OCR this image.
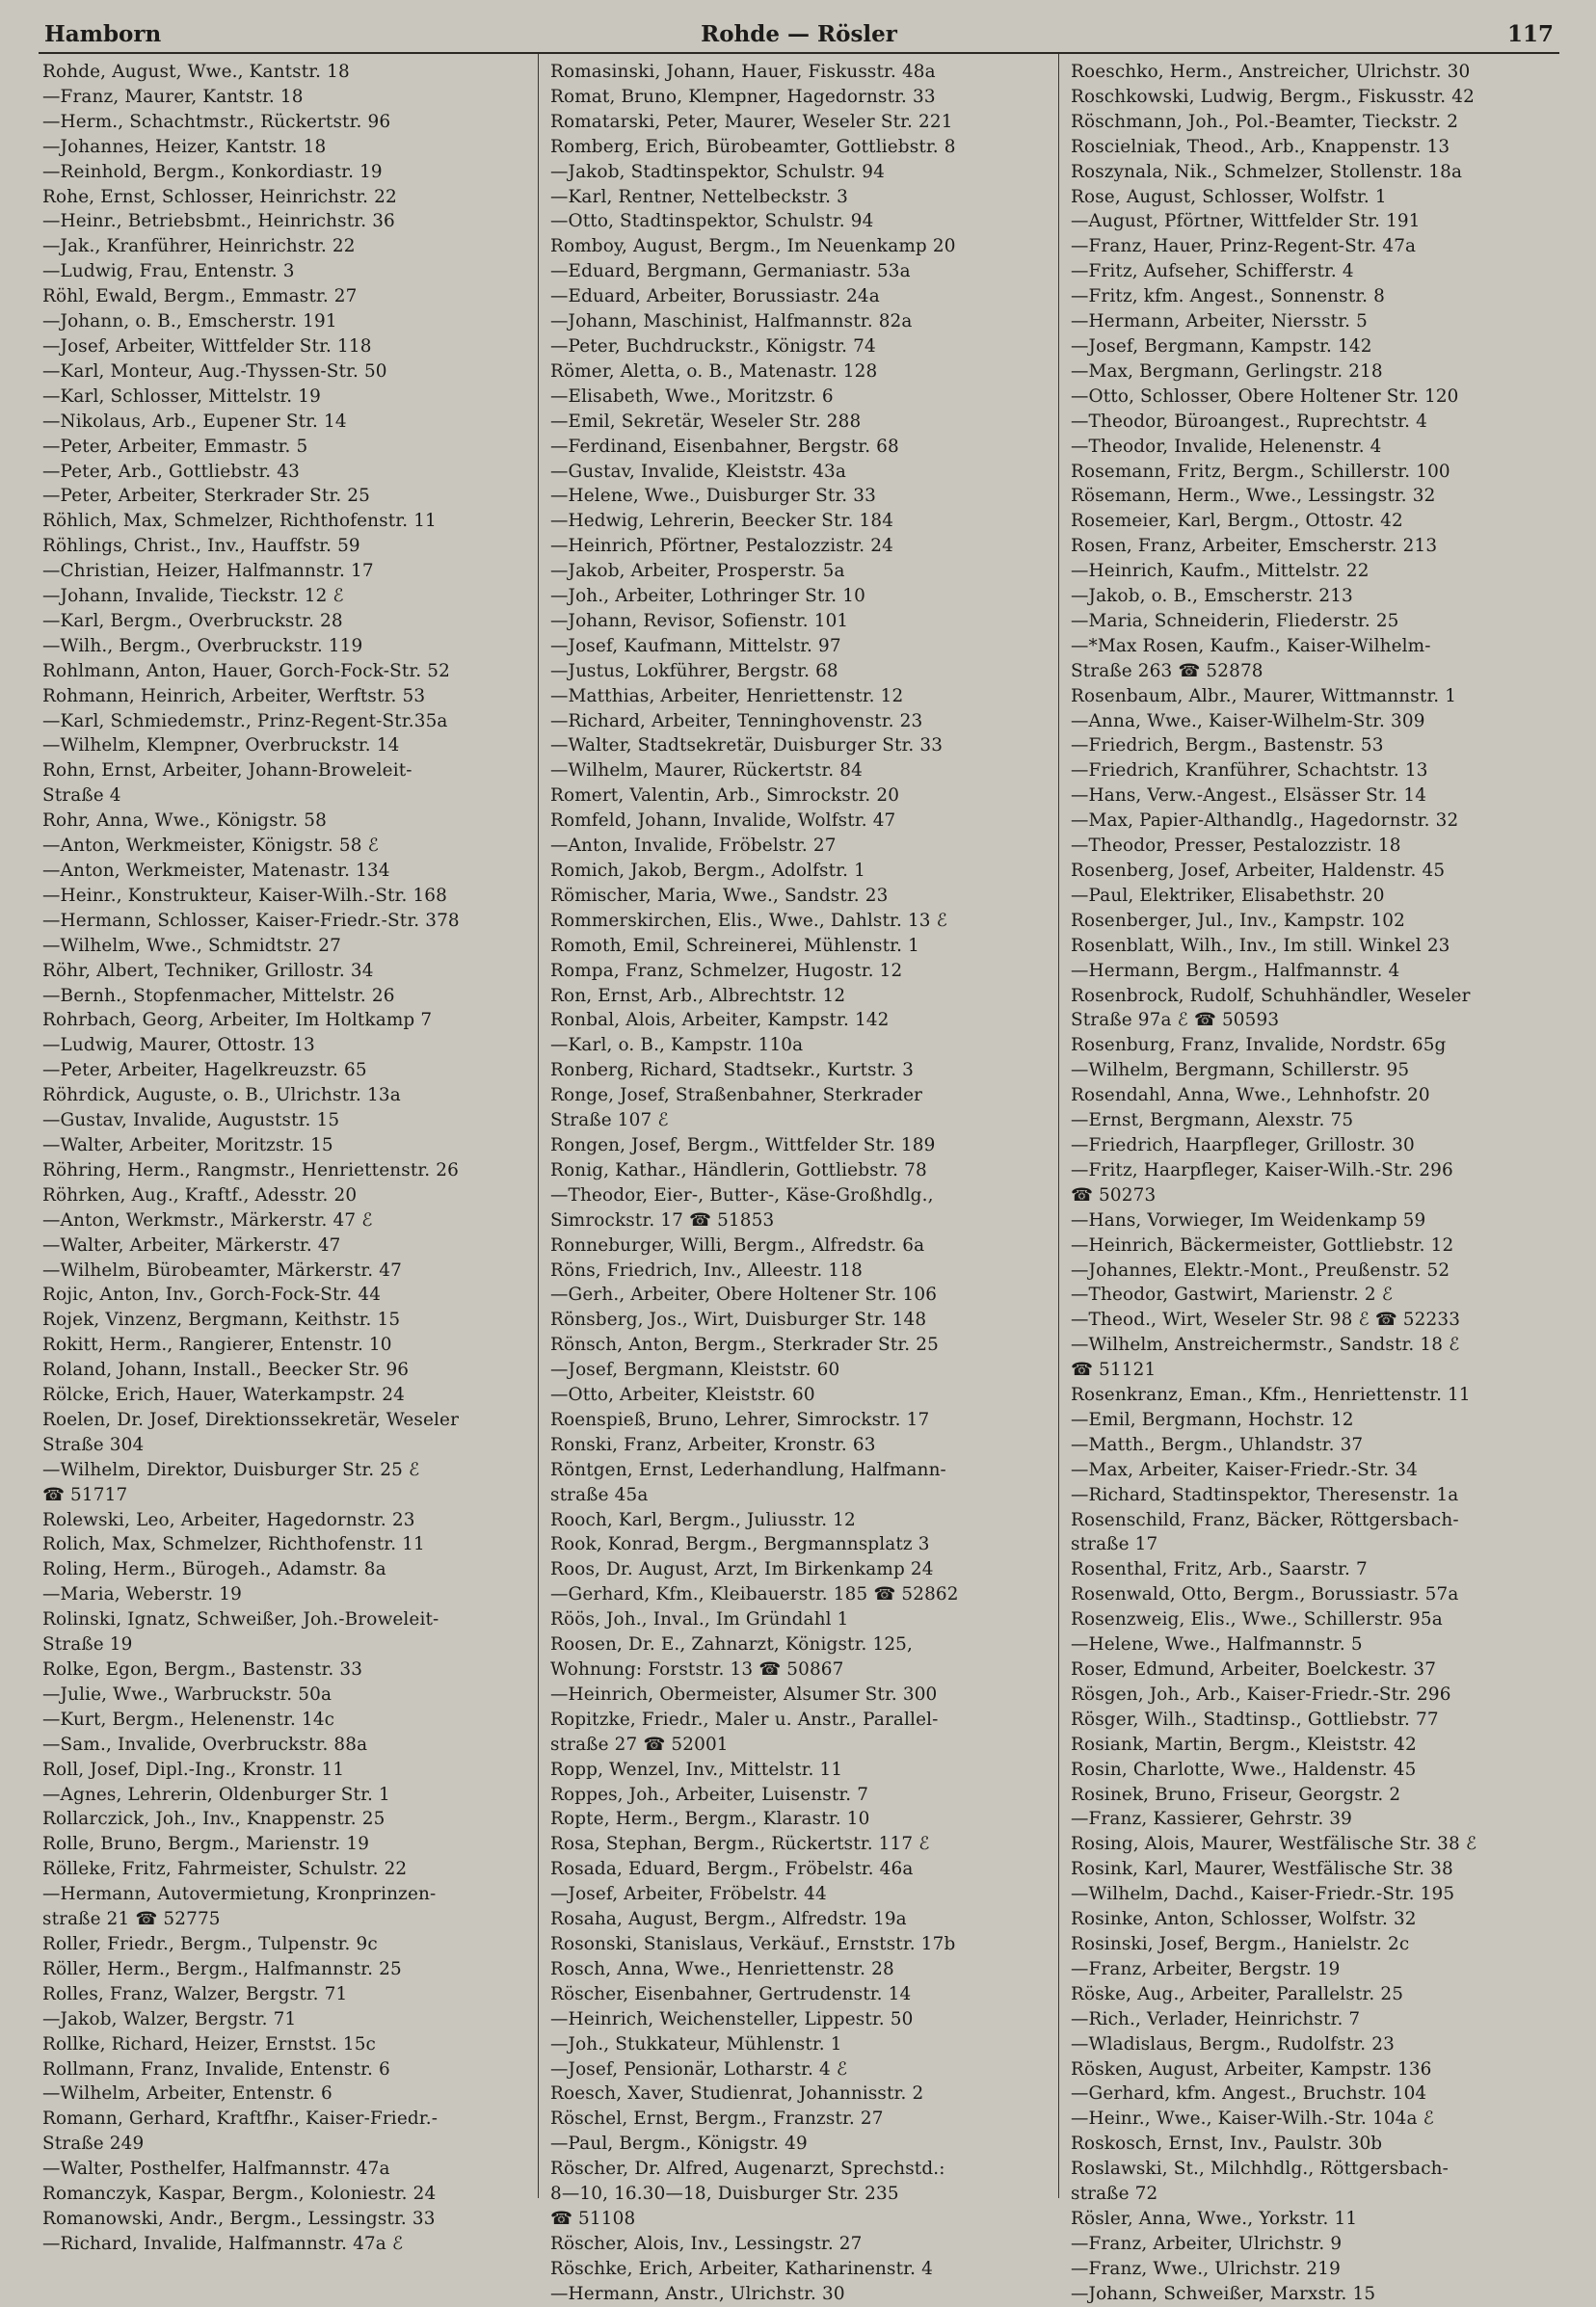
Hamborn	Rohde — Rösler	117
Rohde, August, Wwe., Kantstr. 18
—Franz, Maurer, Kantstr. 18
—Herm., Schachtmstr., Rückertstr. 96
—Johannes, Heizer, Kantstr. 18
—Reinhold, Bergm., Konkordiastr. 19
Rohe, Ernst, Schlosser, Heinrichstr. 22
—Heinr., Betriebsbmt., Heinrichstr. 36
—Jak., Kranführer, Heinrichstr. 22
—Ludwig, Frau, Entenstr. 3
Röhl, Ewald, Bergm., Emmastr. 27
—Johann, o. B., Emscherstr. 191
—Josef, Arbeiter, Wittfelder Str. 118
—Karl, Monteur, Aug.-Thyssen-Str. 50
—Karl, Schlosser, Mittelstr. 19
—Nikolaus, Arb., Eupener Str. 14
—Peter, Arbeiter, Emmastr. 5
—Peter, Arb., Gottliebstr. 43
—Peter, Arbeiter, Sterkrader Str. 25
Röhlich, Max, Schmelzer, Richthofenstr. 11
Röhlings, Christ., Inv., Hauffstr. 59
—Christian, Heizer, Halfmannstr. 17
—Johann, Invalide, Tieckstr. 12 ℰ
—Karl, Bergm., Overbruckstr. 28
—Wilh., Bergm., Overbruckstr. 119
Rohlmann, Anton, Hauer, Gorch-Fock-Str. 52
Rohmann, Heinrich, Arbeiter, Werftstr. 53
—Karl, Schmiedemstr., Prinz-Regent-Str.35a
—Wilhelm, Klempner, Overbruckstr. 14
Rohn, Ernst, Arbeiter, Johann-Broweleit-
Straße 4
Rohr, Anna, Wwe., Königstr. 58
—Anton, Werkmeister, Königstr. 58 ℰ
—Anton, Werkmeister, Matenastr. 134
—Heinr., Konstrukteur, Kaiser-Wilh.-Str. 168
—Hermann, Schlosser, Kaiser-Friedr.-Str. 378
—Wilhelm, Wwe., Schmidtstr. 27
Röhr, Albert, Techniker, Grillostr. 34
—Bernh., Stopfenmacher, Mittelstr. 26
Rohrbach, Georg, Arbeiter, Im Holtkamp 7
—Ludwig, Maurer, Ottostr. 13
—Peter, Arbeiter, Hagelkreuzstr. 65
Röhrdick, Auguste, o. B., Ulrichstr. 13a
—Gustav, Invalide, Auguststr. 15
—Walter, Arbeiter, Moritzstr. 15
Röhring, Herm., Rangmstr., Henriettenstr. 26
Röhrken, Aug., Kraftf., Adesstr. 20
—Anton, Werkmstr., Märkerstr. 47 ℰ
—Walter, Arbeiter, Märkerstr. 47
—Wilhelm, Bürobeamter, Märkerstr. 47
Rojic, Anton, Inv., Gorch-Fock-Str. 44
Rojek, Vinzenz, Bergmann, Keithstr. 15
Rokitt, Herm., Rangierer, Entenstr. 10
Roland, Johann, Install., Beecker Str. 96
Rölcke, Erich, Hauer, Waterkampstr. 24
Roelen, Dr. Josef, Direktionssekretär, Weseler
Straße 304
—Wilhelm, Direktor, Duisburger Str. 25 ℰ
☎ 51717
Rolewski, Leo, Arbeiter, Hagedornstr. 23
Rolich, Max, Schmelzer, Richthofenstr. 11
Roling, Herm., Bürogeh., Adamstr. 8a
—Maria, Weberstr. 19
Rolinski, Ignatz, Schweißer, Joh.-Broweleit-
Straße 19
Rolke, Egon, Bergm., Bastenstr. 33
—Julie, Wwe., Warbruckstr. 50a
—Kurt, Bergm., Helenenstr. 14c
—Sam., Invalide, Overbruckstr. 88a
Roll, Josef, Dipl.-Ing., Kronstr. 11
—Agnes, Lehrerin, Oldenburger Str. 1
Rollarczick, Joh., Inv., Knappenstr. 25
Rolle, Bruno, Bergm., Marienstr. 19
Rölleke, Fritz, Fahrmeister, Schulstr. 22
—Hermann, Autovermietung, Kronprinzen-
straße 21 ☎ 52775
Roller, Friedr., Bergm., Tulpenstr. 9c
Röller, Herm., Bergm., Halfmannstr. 25
Rolles, Franz, Walzer, Bergstr. 71
—Jakob, Walzer, Bergstr. 71
Rollke, Richard, Heizer, Ernstst. 15c
Rollmann, Franz, Invalide, Entenstr. 6
—Wilhelm, Arbeiter, Entenstr. 6
Romann, Gerhard, Kraftfhr., Kaiser-Friedr.-
Straße 249
—Walter, Posthelfer, Halfmannstr. 47a
Romanczyk, Kaspar, Bergm., Koloniestr. 24
Romanowski, Andr., Bergm., Lessingstr. 33
—Richard, Invalide, Halfmannstr. 47a ℰ
Romasinski, Johann, Hauer, Fiskusstr. 48a
Romat, Bruno, Klempner, Hagedornstr. 33
Romatarski, Peter, Maurer, Weseler Str. 221
Romberg, Erich, Bürobeamter, Gottliebstr. 8
—Jakob, Stadtinspektor, Schulstr. 94
—Karl, Rentner, Nettelbeckstr. 3
—Otto, Stadtinspektor, Schulstr. 94
Romboy, August, Bergm., Im Neuenkamp 20
—Eduard, Bergmann, Germaniastr. 53a
—Eduard, Arbeiter, Borussiastr. 24a
—Johann, Maschinist, Halfmannstr. 82a
—Peter, Buchdruckstr., Königstr. 74
Römer, Aletta, o. B., Matenastr. 128
—Elisabeth, Wwe., Moritzstr. 6
—Emil, Sekretär, Weseler Str. 288
—Ferdinand, Eisenbahner, Bergstr. 68
—Gustav, Invalide, Kleiststr. 43a
—Helene, Wwe., Duisburger Str. 33
—Hedwig, Lehrerin, Beecker Str. 184
—Heinrich, Pförtner, Pestalozzistr. 24
—Jakob, Arbeiter, Prosperstr. 5a
—Joh., Arbeiter, Lothringer Str. 10
—Johann, Revisor, Sofienstr. 101
—Josef, Kaufmann, Mittelstr. 97
—Justus, Lokführer, Bergstr. 68
—Matthias, Arbeiter, Henriettenstr. 12
—Richard, Arbeiter, Tenninghovenstr. 23
—Walter, Stadtsekretär, Duisburger Str. 33
—Wilhelm, Maurer, Rückertstr. 84
Romert, Valentin, Arb., Simrockstr. 20
Romfeld, Johann, Invalide, Wolfstr. 47
—Anton, Invalide, Fröbelstr. 27
Romich, Jakob, Bergm., Adolfstr. 1
Römischer, Maria, Wwe., Sandstr. 23
Rommerskirchen, Elis., Wwe., Dahlstr. 13 ℰ
Romoth, Emil, Schreinerei, Mühlenstr. 1
Rompa, Franz, Schmelzer, Hugostr. 12
Ron, Ernst, Arb., Albrechtstr. 12
Ronbal, Alois, Arbeiter, Kampstr. 142
—Karl, o. B., Kampstr. 110a
Ronberg, Richard, Stadtsekr., Kurtstr. 3
Ronge, Josef, Straßenbahner, Sterkrader
Straße 107 ℰ
Rongen, Josef, Bergm., Wittfelder Str. 189
Ronig, Kathar., Händlerin, Gottliebstr. 78
—Theodor, Eier-, Butter-, Käse-Großhdlg.,
Simrockstr. 17 ☎ 51853
Ronneburger, Willi, Bergm., Alfredstr. 6a
Röns, Friedrich, Inv., Alleestr. 118
—Gerh., Arbeiter, Obere Holtener Str. 106
Rönsberg, Jos., Wirt, Duisburger Str. 148
Rönsch, Anton, Bergm., Sterkrader Str. 25
—Josef, Bergmann, Kleiststr. 60
—Otto, Arbeiter, Kleiststr. 60
Roenspieß, Bruno, Lehrer, Simrockstr. 17
Ronski, Franz, Arbeiter, Kronstr. 63
Röntgen, Ernst, Lederhandlung, Halfmann-
straße 45a
Rooch, Karl, Bergm., Juliusstr. 12
Rook, Konrad, Bergm., Bergmannsplatz 3
Roos, Dr. August, Arzt, Im Birkenkamp 24
—Gerhard, Kfm., Kleibauerstr. 185 ☎ 52862
Röös, Joh., Inval., Im Gründahl 1
Roosen, Dr. E., Zahnarzt, Königstr. 125,
Wohnung: Forststr. 13 ☎ 50867
—Heinrich, Obermeister, Alsumer Str. 300
Ropitzke, Friedr., Maler u. Anstr., Parallel-
straße 27 ☎ 52001
Ropp, Wenzel, Inv., Mittelstr. 11
Roppes, Joh., Arbeiter, Luisenstr. 7
Ropte, Herm., Bergm., Klarastr. 10
Rosa, Stephan, Bergm., Rückertstr. 117 ℰ
Rosada, Eduard, Bergm., Fröbelstr. 46a
—Josef, Arbeiter, Fröbelstr. 44
Rosaha, August, Bergm., Alfredstr. 19a
Rosonski, Stanislaus, Verkäuf., Ernststr. 17b
Rosch, Anna, Wwe., Henriettenstr. 28
Röscher, Eisenbahner, Gertrudenstr. 14
—Heinrich, Weichensteller, Lippestr. 50
—Joh., Stukkateur, Mühlenstr. 1
—Josef, Pensionär, Lotharstr. 4 ℰ
Roesch, Xaver, Studienrat, Johannisstr. 2
Röschel, Ernst, Bergm., Franzstr. 27
—Paul, Bergm., Königstr. 49
Röscher, Dr. Alfred, Augenarzt, Sprechstd.:
8—10, 16.30—18, Duisburger Str. 235
☎ 51108
Röscher, Alois, Inv., Lessingstr. 27
Röschke, Erich, Arbeiter, Katharinenstr. 4
—Hermann, Anstr., Ulrichstr. 30
Roeschko, Herm., Anstreicher, Ulrichstr. 30
Roschkowski, Ludwig, Bergm., Fiskusstr. 42
Röschmann, Joh., Pol.-Beamter, Tieckstr. 2
Roscielniak, Theod., Arb., Knappenstr. 13
Roszynala, Nik., Schmelzer, Stollenstr. 18a
Rose, August, Schlosser, Wolfstr. 1
—August, Pförtner, Wittfelder Str. 191
—Franz, Hauer, Prinz-Regent-Str. 47a
—Fritz, Aufseher, Schifferstr. 4
—Fritz, kfm. Angest., Sonnenstr. 8
—Hermann, Arbeiter, Niersstr. 5
—Josef, Bergmann, Kampstr. 142
—Max, Bergmann, Gerlingstr. 218
—Otto, Schlosser, Obere Holtener Str. 120
—Theodor, Büroangest., Ruprechtstr. 4
—Theodor, Invalide, Helenenstr. 4
Rosemann, Fritz, Bergm., Schillerstr. 100
Rösemann, Herm., Wwe., Lessingstr. 32
Rosemeier, Karl, Bergm., Ottostr. 42
Rosen, Franz, Arbeiter, Emscherstr. 213
—Heinrich, Kaufm., Mittelstr. 22
—Jakob, o. B., Emscherstr. 213
—Maria, Schneiderin, Fliederstr. 25
—*Max Rosen, Kaufm., Kaiser-Wilhelm-
Straße 263 ☎ 52878
Rosenbaum, Albr., Maurer, Wittmannstr. 1
—Anna, Wwe., Kaiser-Wilhelm-Str. 309
—Friedrich, Bergm., Bastenstr. 53
—Friedrich, Kranführer, Schachtstr. 13
—Hans, Verw.-Angest., Elsässer Str. 14
—Max, Papier-Althandlg., Hagedornstr. 32
—Theodor, Presser, Pestalozzistr. 18
Rosenberg, Josef, Arbeiter, Haldenstr. 45
—Paul, Elektriker, Elisabethstr. 20
Rosenberger, Jul., Inv., Kampstr. 102
Rosenblatt, Wilh., Inv., Im still. Winkel 23
—Hermann, Bergm., Halfmannstr. 4
Rosenbrock, Rudolf, Schuhhändler, Weseler
Straße 97a ℰ ☎ 50593
Rosenburg, Franz, Invalide, Nordstr. 65g
—Wilhelm, Bergmann, Schillerstr. 95
Rosendahl, Anna, Wwe., Lehnhofstr. 20
—Ernst, Bergmann, Alexstr. 75
—Friedrich, Haarpfleger, Grillostr. 30
—Fritz, Haarpfleger, Kaiser-Wilh.-Str. 296
☎ 50273
—Hans, Vorwieger, Im Weidenkamp 59
—Heinrich, Bäckermeister, Gottliebstr. 12
—Johannes, Elektr.-Mont., Preußenstr. 52
—Theodor, Gastwirt, Marienstr. 2 ℰ
—Theod., Wirt, Weseler Str. 98 ℰ ☎ 52233
—Wilhelm, Anstreichermstr., Sandstr. 18 ℰ
☎ 51121
Rosenkranz, Eman., Kfm., Henriettenstr. 11
—Emil, Bergmann, Hochstr. 12
—Matth., Bergm., Uhlandstr. 37
—Max, Arbeiter, Kaiser-Friedr.-Str. 34
—Richard, Stadtinspektor, Theresenstr. 1a
Rosenschild, Franz, Bäcker, Röttgersbach-
straße 17
Rosenthal, Fritz, Arb., Saarstr. 7
Rosenwald, Otto, Bergm., Borussiastr. 57a
Rosenzweig, Elis., Wwe., Schillerstr. 95a
—Helene, Wwe., Halfmannstr. 5
Roser, Edmund, Arbeiter, Boelckestr. 37
Rösgen, Joh., Arb., Kaiser-Friedr.-Str. 296
Rösger, Wilh., Stadtinsp., Gottliebstr. 77
Rosiank, Martin, Bergm., Kleiststr. 42
Rosin, Charlotte, Wwe., Haldenstr. 45
Rosinek, Bruno, Friseur, Georgstr. 2
—Franz, Kassierer, Gehrstr. 39
Rosing, Alois, Maurer, Westfälische Str. 38 ℰ
Rosink, Karl, Maurer, Westfälische Str. 38
—Wilhelm, Dachd., Kaiser-Friedr.-Str. 195
Rosinke, Anton, Schlosser, Wolfstr. 32
Rosinski, Josef, Bergm., Hanielstr. 2c
—Franz, Arbeiter, Bergstr. 19
Röske, Aug., Arbeiter, Parallelstr. 25
—Rich., Verlader, Heinrichstr. 7
—Wladislaus, Bergm., Rudolfstr. 23
Rösken, August, Arbeiter, Kampstr. 136
—Gerhard, kfm. Angest., Bruchstr. 104
—Heinr., Wwe., Kaiser-Wilh.-Str. 104a ℰ
Roskosch, Ernst, Inv., Paulstr. 30b
Roslawski, St., Milchhdlg., Röttgersbach-
straße 72
Rösler, Anna, Wwe., Yorkstr. 11
—Franz, Arbeiter, Ulrichstr. 9
—Franz, Wwe., Ulrichstr. 219
—Johann, Schweißer, Marxstr. 15
